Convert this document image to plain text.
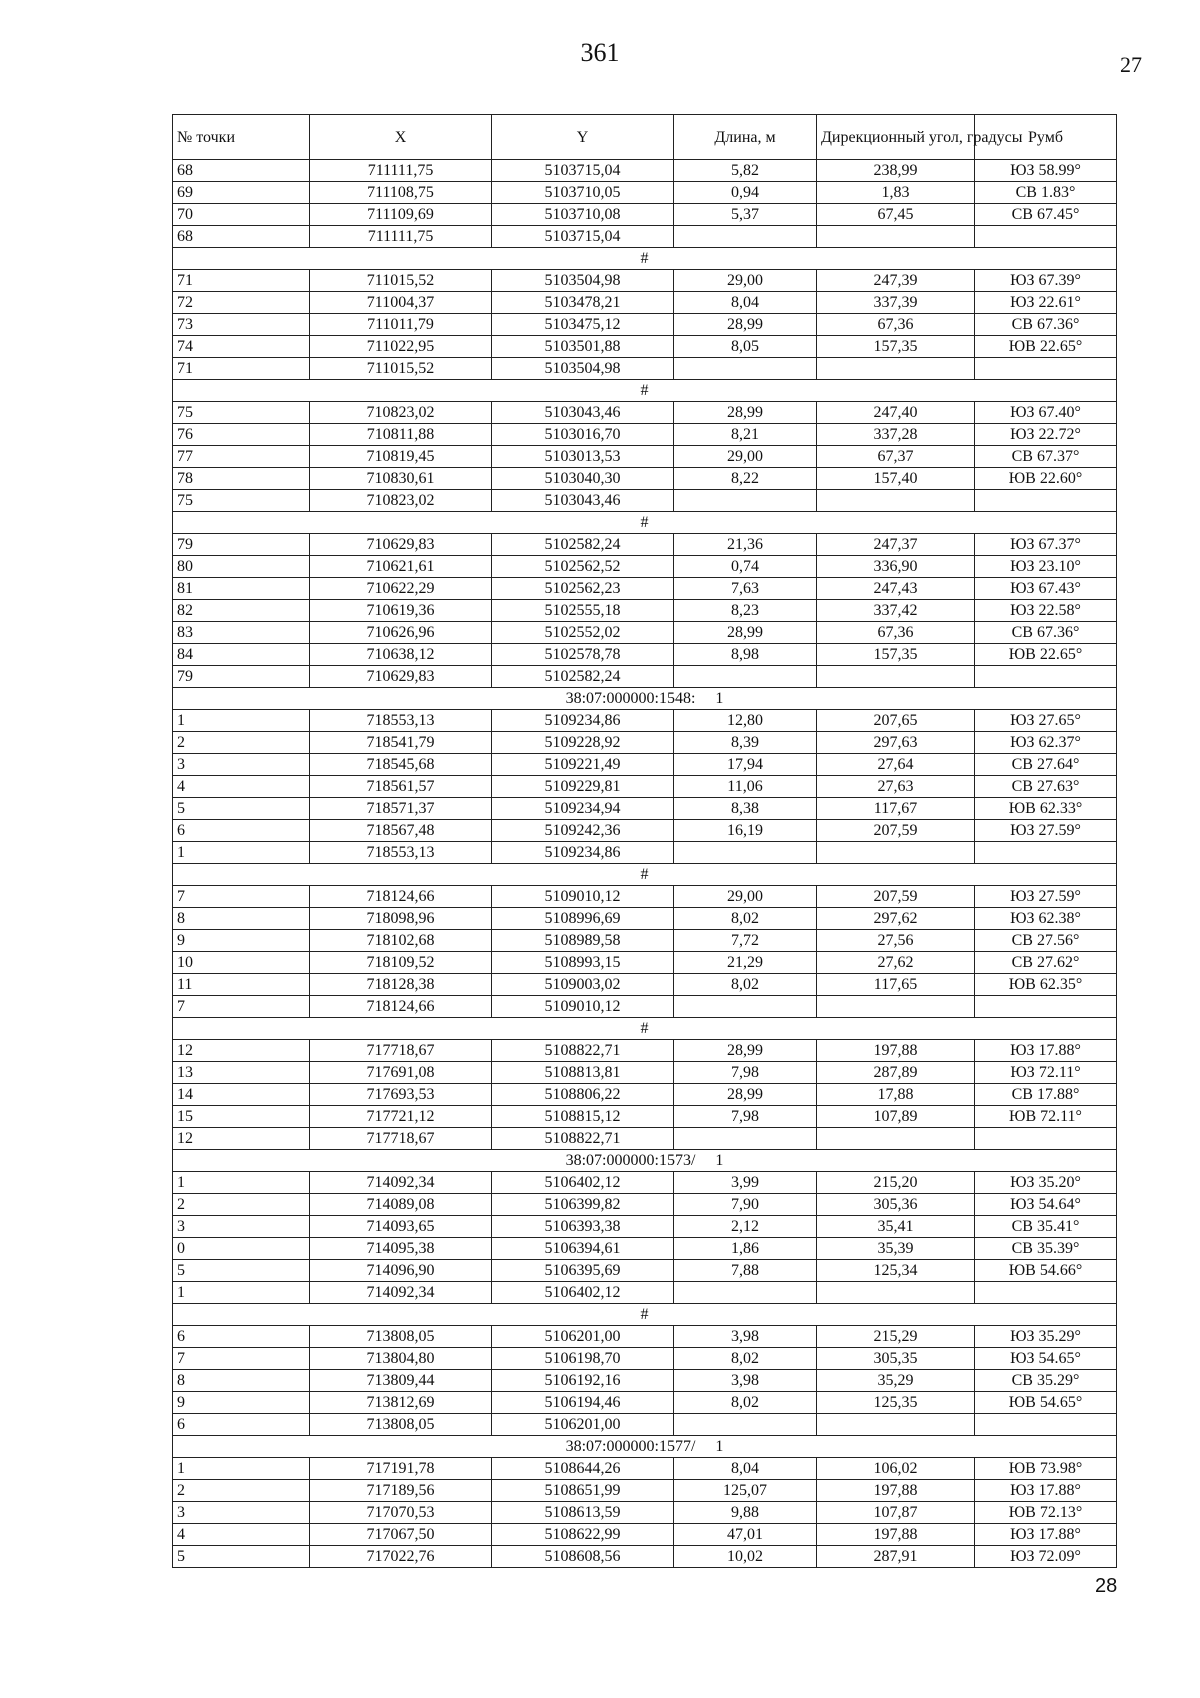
361	27
№ точки	X	Y	Длина, м	Дирекционный угол, градусы	Румб
68	711111,75	5103715,04	5,82	238,99	ЮЗ 58.99°
69	711108,75	5103710,05	0,94	1,83	СВ 1.83°
70	711109,69	5103710,08	5,37	67,45	СВ 67.45°
68	711111,75	5103715,04			
#					
71	711015,52	5103504,98	29,00	247,39	ЮЗ 67.39°
72	711004,37	5103478,21	8,04	337,39	ЮЗ 22.61°
73	711011,79	5103475,12	28,99	67,36	СВ 67.36°
74	711022,95	5103501,88	8,05	157,35	ЮВ 22.65°
71	711015,52	5103504,98			
#					
75	710823,02	5103043,46	28,99	247,40	ЮЗ 67.40°
76	710811,88	5103016,70	8,21	337,28	ЮЗ 22.72°
77	710819,45	5103013,53	29,00	67,37	СВ 67.37°
78	710830,61	5103040,30	8,22	157,40	ЮВ 22.60°
75	710823,02	5103043,46			
#					
79	710629,83	5102582,24	21,36	247,37	ЮЗ 67.37°
80	710621,61	5102562,52	0,74	336,90	ЮЗ 23.10°
81	710622,29	5102562,23	7,63	247,43	ЮЗ 67.43°
82	710619,36	5102555,18	8,23	337,42	ЮЗ 22.58°
83	710626,96	5102552,02	28,99	67,36	СВ 67.36°
84	710638,12	5102578,78	8,98	157,35	ЮВ 22.65°
79	710629,83	5102582,24			
38:07:000000:1548:     1					
1	718553,13	5109234,86	12,80	207,65	ЮЗ 27.65°
2	718541,79	5109228,92	8,39	297,63	ЮЗ 62.37°
3	718545,68	5109221,49	17,94	27,64	СВ 27.64°
4	718561,57	5109229,81	11,06	27,63	СВ 27.63°
5	718571,37	5109234,94	8,38	117,67	ЮВ 62.33°
6	718567,48	5109242,36	16,19	207,59	ЮЗ 27.59°
1	718553,13	5109234,86			
#					
7	718124,66	5109010,12	29,00	207,59	ЮЗ 27.59°
8	718098,96	5108996,69	8,02	297,62	ЮЗ 62.38°
9	718102,68	5108989,58	7,72	27,56	СВ 27.56°
10	718109,52	5108993,15	21,29	27,62	СВ 27.62°
11	718128,38	5109003,02	8,02	117,65	ЮВ 62.35°
7	718124,66	5109010,12			
#					
12	717718,67	5108822,71	28,99	197,88	ЮЗ 17.88°
13	717691,08	5108813,81	7,98	287,89	ЮЗ 72.11°
14	717693,53	5108806,22	28,99	17,88	СВ 17.88°
15	717721,12	5108815,12	7,98	107,89	ЮВ 72.11°
12	717718,67	5108822,71			
38:07:000000:1573/     1					
1	714092,34	5106402,12	3,99	215,20	ЮЗ 35.20°
2	714089,08	5106399,82	7,90	305,36	ЮЗ 54.64°
3	714093,65	5106393,38	2,12	35,41	СВ 35.41°
0	714095,38	5106394,61	1,86	35,39	СВ 35.39°
5	714096,90	5106395,69	7,88	125,34	ЮВ 54.66°
1	714092,34	5106402,12			
#					
6	713808,05	5106201,00	3,98	215,29	ЮЗ 35.29°
7	713804,80	5106198,70	8,02	305,35	ЮЗ 54.65°
8	713809,44	5106192,16	3,98	35,29	СВ 35.29°
9	713812,69	5106194,46	8,02	125,35	ЮВ 54.65°
6	713808,05	5106201,00			
38:07:000000:1577/     1					
1	717191,78	5108644,26	8,04	106,02	ЮВ 73.98°
2	717189,56	5108651,99	125,07	197,88	ЮЗ 17.88°
3	717070,53	5108613,59	9,88	107,87	ЮВ 72.13°
4	717067,50	5108622,99	47,01	197,88	ЮЗ 17.88°
5	717022,76	5108608,56	10,02	287,91	ЮЗ 72.09°
28
